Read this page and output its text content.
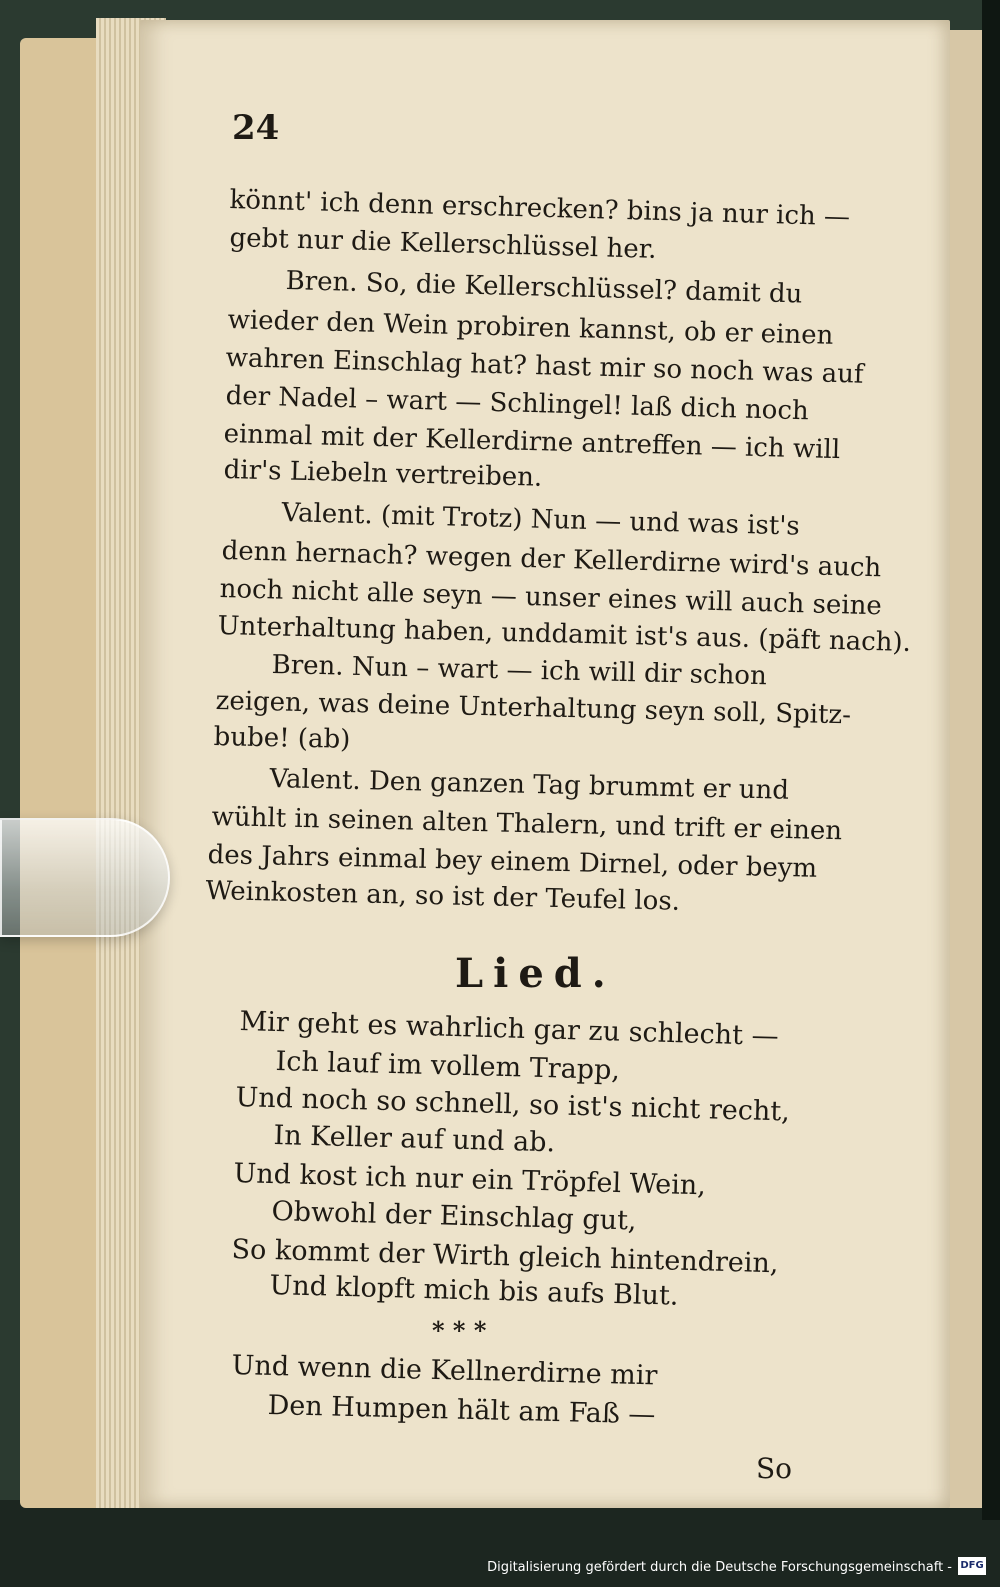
24
könnt' ich denn erschrecken? bins ja nur ich —
gebt nur die Kellerschlüssel her.
Bren. So, die Kellerschlüssel? damit du
wieder den Wein probiren kannst, ob er einen
wahren Einschlag hat? hast mir so noch was auf
der Nadel – wart — Schlingel! laß dich noch
einmal mit der Kellerdirne antreffen — ich will
dir's Liebeln vertreiben.
Valent. (mit Trotz) Nun — und was ist's
denn hernach? wegen der Kellerdirne wird's auch
noch nicht alle seyn — unser eines will auch seine
Unterhaltung haben, unddamit ist's aus. (päft nach).
Bren. Nun – wart — ich will dir schon
zeigen, was deine Unterhaltung seyn soll, Spitz-
bube! (ab)
Valent. Den ganzen Tag brummt er und
wühlt in seinen alten Thalern, und trift er einen
des Jahrs einmal bey einem Dirnel, oder beym
Weinkosten an, so ist der Teufel los.
Lied.
Mir geht es wahrlich gar zu schlecht —
Ich lauf im vollem Trapp,
Und noch so schnell, so ist's nicht recht,
In Keller auf und ab.
Und kost ich nur ein Tröpfel Wein,
Obwohl der Einschlag gut,
So kommt der Wirth gleich hintendrein,
Und klopft mich bis aufs Blut.
* * *
Und wenn die Kellnerdirne mir
Den Humpen hält am Faß —
So
Digitalisierung gefördert durch die Deutsche Forschungsgemeinschaft - DFG
